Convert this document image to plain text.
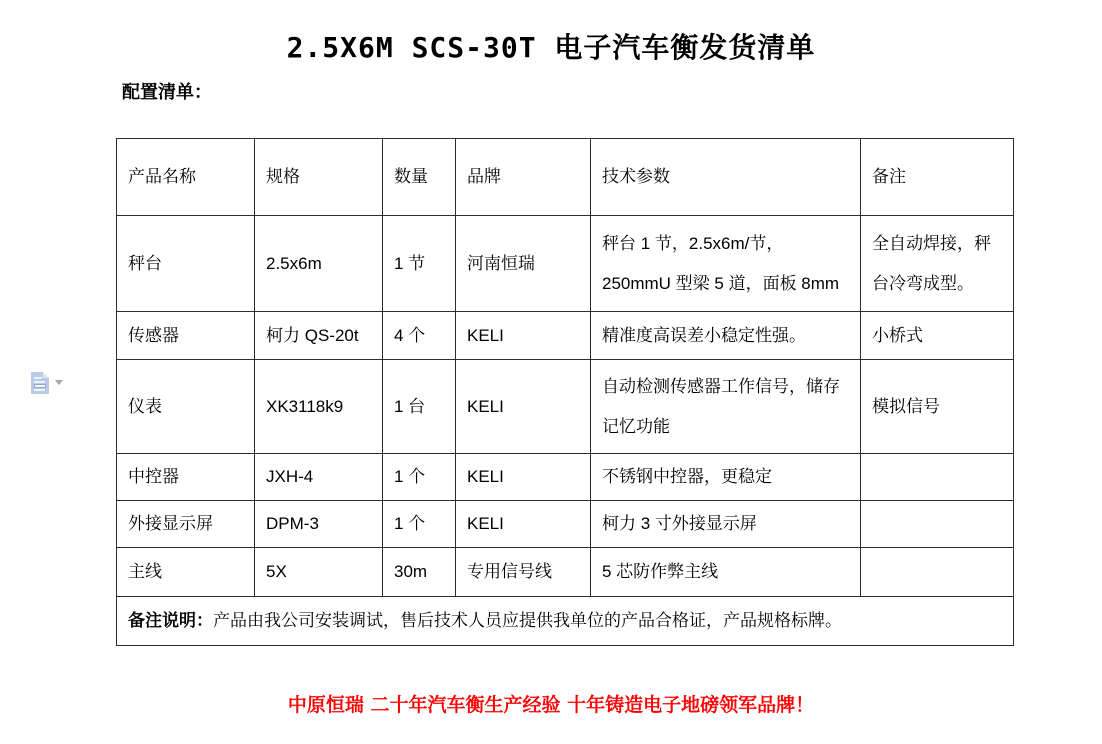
2.5X6M SCS-30T 电子汽车衡发货清单
配置清单：
产品名称	规格	数量	品牌	技术参数	备注
秤台	2.5x6m	1 节	河南恒瑞	秤台 1 节，2.5x6m/节，250mmU 型梁 5 道，面板 8mm	全自动焊接，秤台冷弯成型。
传感器	柯力 QS-20t	4 个	KELI	精准度高误差小稳定性强。	小桥式
仪表	XK3118k9	1 台	KELI	自动检测传感器工作信号，储存记忆功能	模拟信号
中控器	JXH-4	1 个	KELI	不锈钢中控器，更稳定	
外接显示屏	DPM-3	1 个	KELI	柯力 3 寸外接显示屏	
主线	5X	30m	专用信号线	5 芯防作弊主线	
备注说明：产品由我公司安装调试，售后技术人员应提供我单位的产品合格证，产品规格标牌。					
中原恒瑞 二十年汽车衡生产经验 十年铸造电子地磅领军品牌！
